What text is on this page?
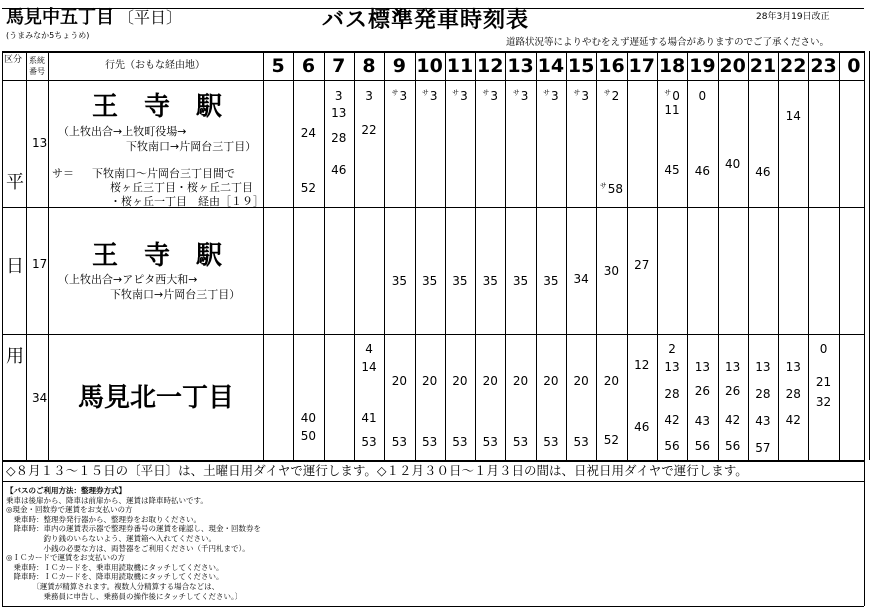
馬見中五丁目 〔平日〕
(うまみなか5ちょうめ)
バス標準発車時刻表	28年3月19日改正
道路状況等によりやむをえず遅延する場合がありますのでご了承ください。
区分 系統番号
行先（おもな経由地）	5 6 7 8 9 10 11 12 13 14 15 16 17 18 19 20 21 22 23 0
平
日
用
13
王　寺　駅
（上牧出合→上牧町役場→
下牧南口→片岡台三丁目）
サ＝ 下牧南口～片岡台三丁目間で
桜ヶ丘三丁目・桜ヶ丘二丁目
・桜ヶ丘一丁目　経由［１９］
17 王　寺　駅
（上牧出合→アピタ西大和→
下牧南口→片岡台三丁目）
34 馬見北一丁目
24
52
3
13
28
46
3
22
$^サ$3 $^サ$3 $^サ$3 $^サ$3 $^サ$3 $^サ$3 $^サ$3 $^サ$2
$^サ$58
$^サ$0
11
45
0
46 40
46
14
35 35 35 35 35 35 34
30 27
40
50
4
14
41
53
20
53
20
53
20
53
20
53
20
53
20
53
20
53
20
52
12
46
2
13
28
42
56
13
26
43
56
13
26
42
56
13
28
43
57
13
28
42
0
21
32
◇８月１３～１５日の〔平日〕は、土曜日用ダイヤで運行します。◇１２月３０日～１月３日の間は、日祝日用ダイヤで運行します。
【バスのご利用方法：整理券方式】
乗車は後扉から、降車は前扉から、運賃は降車時払いです。
◎現金・回数券で運賃をお支払いの方
　乗車時：整理券発行器から、整理券をお取りください。
　降車時：車内の運賃表示器で整理券番号の運賃を確認し、現金・回数券を
　　　　　釣り銭のいらないよう、運賃箱へ入れてください。
　　　　　小銭の必要な方は、両替器をご利用ください（千円札まで）。
◎ＩＣカードで運賃をお支払いの方
　乗車時：ＩＣカードを、乗車用読取機にタッチしてください。
　降車時：ＩＣカードを、降車用読取機にタッチしてください。
　　　　〔運賃が精算されます。複数人分精算する場合などは、
　　　　　乗務員に申告し、乗務員の操作後にタッチしてください。〕
